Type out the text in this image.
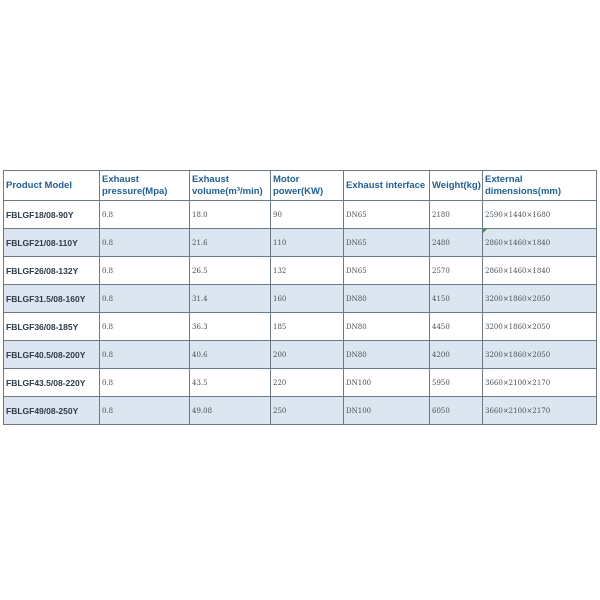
Product Model	Exhaust pressure(Mpa)	Exhaust volume(m³/min)	Motor power(KW)	Exhaust interface	Weight(kg)	External dimensions(mm)
FBLGF18/08-90Y	0.8	18.0	90	DN65	2180	2590×1440×1680
FBLGF21/08-110Y	0.8	21.6	110	DN65	2480	2860×1460×1840
FBLGF26/08-132Y	0.8	26.5	132	DN65	2570	2860×1460×1840
FBLGF31.5/08-160Y	0.8	31.4	160	DN80	4150	3200×1860×2050
FBLGF36/08-185Y	0.8	36.3	185	DN80	4450	3200×1860×2050
FBLGF40.5/08-200Y	0.8	40.6	200	DN80	4200	3200×1860×2050
FBLGF43.5/08-220Y	0.8	43.5	220	DN100	5950	3660×2100×2170
FBLGF49/08-250Y	0.8	49.08	250	DN100	6050	3660×2100×2170
